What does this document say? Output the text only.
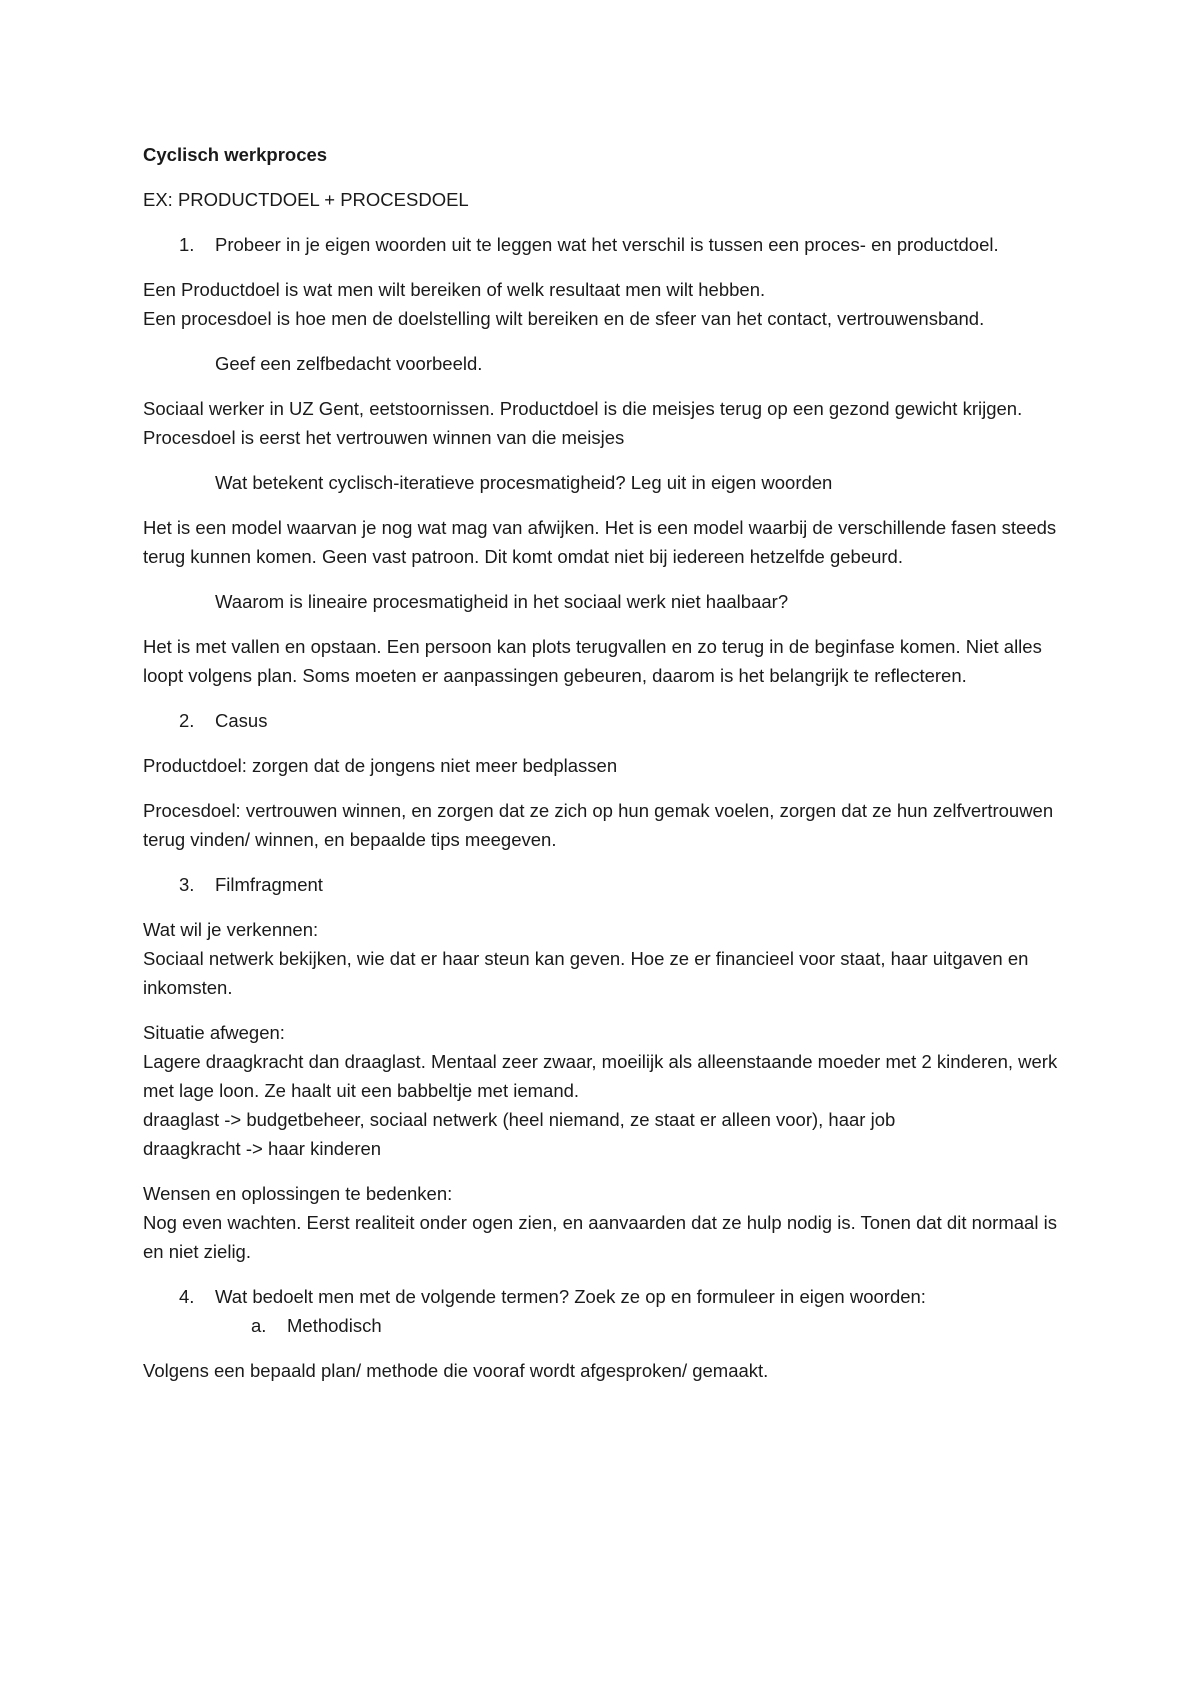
Cyclisch werkproces

EX: PRODUCTDOEL + PROCESDOEL

1.	Probeer in je eigen woorden uit te leggen wat het verschil is tussen een proces- en productdoel.

Een Productdoel is wat men wilt bereiken of welk resultaat men wilt hebben.
Een procesdoel is hoe men de doelstelling wilt bereiken en de sfeer van het contact, vertrouwensband.

Geef een zelfbedacht voorbeeld.

Sociaal werker in UZ Gent, eetstoornissen. Productdoel is die meisjes terug op een gezond gewicht krijgen. Procesdoel is eerst het vertrouwen winnen van die meisjes

Wat betekent cyclisch-iteratieve procesmatigheid? Leg uit in eigen woorden

Het is een model waarvan je nog wat mag van afwijken. Het is een model waarbij de verschillende fasen steeds terug kunnen komen. Geen vast patroon. Dit komt omdat niet bij iedereen hetzelfde gebeurd.

Waarom is lineaire procesmatigheid in het sociaal werk niet haalbaar?

Het is met vallen en opstaan. Een persoon kan plots terugvallen en zo terug in de beginfase komen. Niet alles loopt volgens plan. Soms moeten er aanpassingen gebeuren, daarom is het belangrijk te reflecteren.

2.	Casus

Productdoel: zorgen dat de jongens niet meer bedplassen

Procesdoel: vertrouwen winnen, en zorgen dat ze zich op hun gemak voelen, zorgen dat ze hun zelfvertrouwen terug vinden/ winnen, en bepaalde tips meegeven.

3.	Filmfragment

Wat wil je verkennen:
Sociaal netwerk bekijken, wie dat er haar steun kan geven. Hoe ze er financieel voor staat, haar uitgaven en inkomsten.

Situatie afwegen:
Lagere draagkracht dan draaglast. Mentaal zeer zwaar, moeilijk als alleenstaande moeder met 2 kinderen, werk met lage loon. Ze haalt uit een babbeltje met iemand.
draaglast -> budgetbeheer, sociaal netwerk (heel niemand, ze staat er alleen voor), haar job
draagkracht -> haar kinderen

Wensen en oplossingen te bedenken:
Nog even wachten. Eerst realiteit onder ogen zien, en aanvaarden dat ze hulp nodig is. Tonen dat dit normaal is en niet zielig.

4.	Wat bedoelt men met de volgende termen? Zoek ze op en formuleer in eigen woorden:
a.	Methodisch

Volgens een bepaald plan/ methode die vooraf wordt afgesproken/ gemaakt.
